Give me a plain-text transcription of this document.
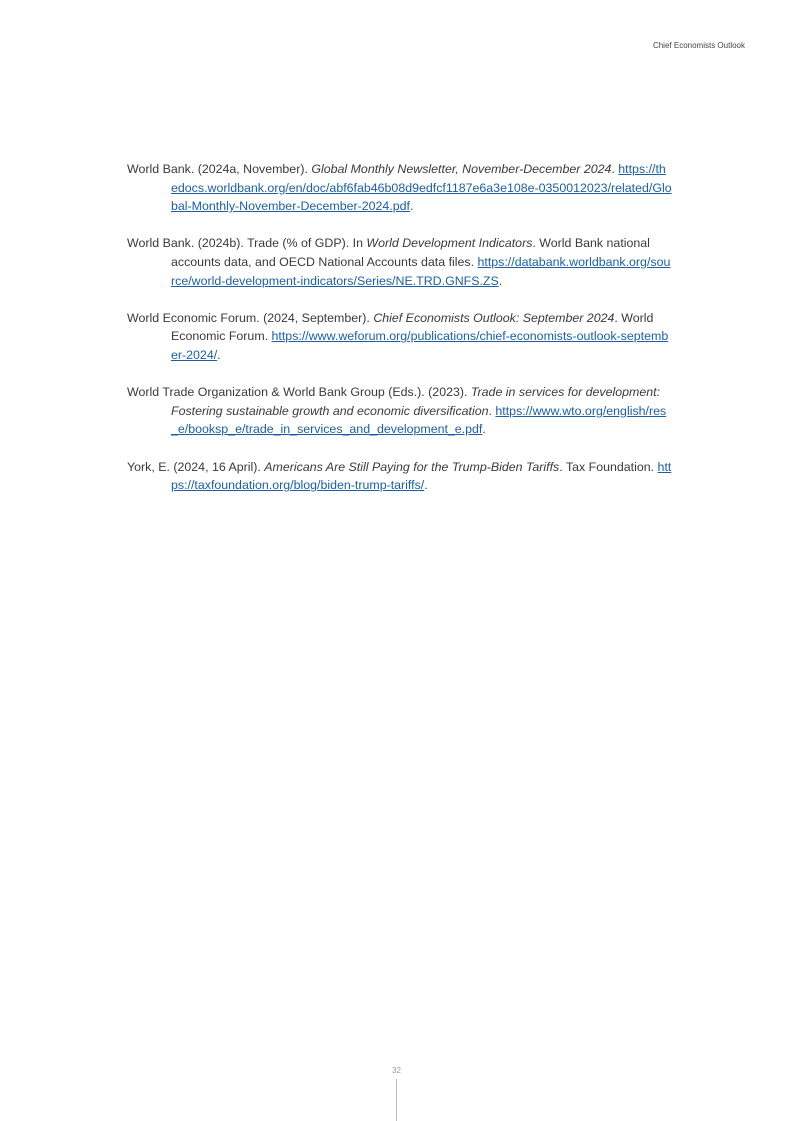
Chief Economists Outlook

World Bank. (2024a, November). Global Monthly Newsletter, November-December 2024. https://thedocs.worldbank.org/en/doc/abf6fab46b08d9edfcf1187e6a3e108e-0350012023/related/Global-Monthly-November-December-2024.pdf.

World Bank. (2024b). Trade (% of GDP). In World Development Indicators. World Bank national accounts data, and OECD National Accounts data files. https://databank.worldbank.org/source/world-development-indicators/Series/NE.TRD.GNFS.ZS.

World Economic Forum. (2024, September). Chief Economists Outlook: September 2024. World Economic Forum. https://www.weforum.org/publications/chief-economists-outlook-september-2024/.

World Trade Organization & World Bank Group (Eds.). (2023). Trade in services for development: Fostering sustainable growth and economic diversification. https://www.wto.org/english/res_e/booksp_e/trade_in_services_and_development_e.pdf.

York, E. (2024, 16 April). Americans Are Still Paying for the Trump-Biden Tariffs. Tax Foundation. https://taxfoundation.org/blog/biden-trump-tariffs/.

32
